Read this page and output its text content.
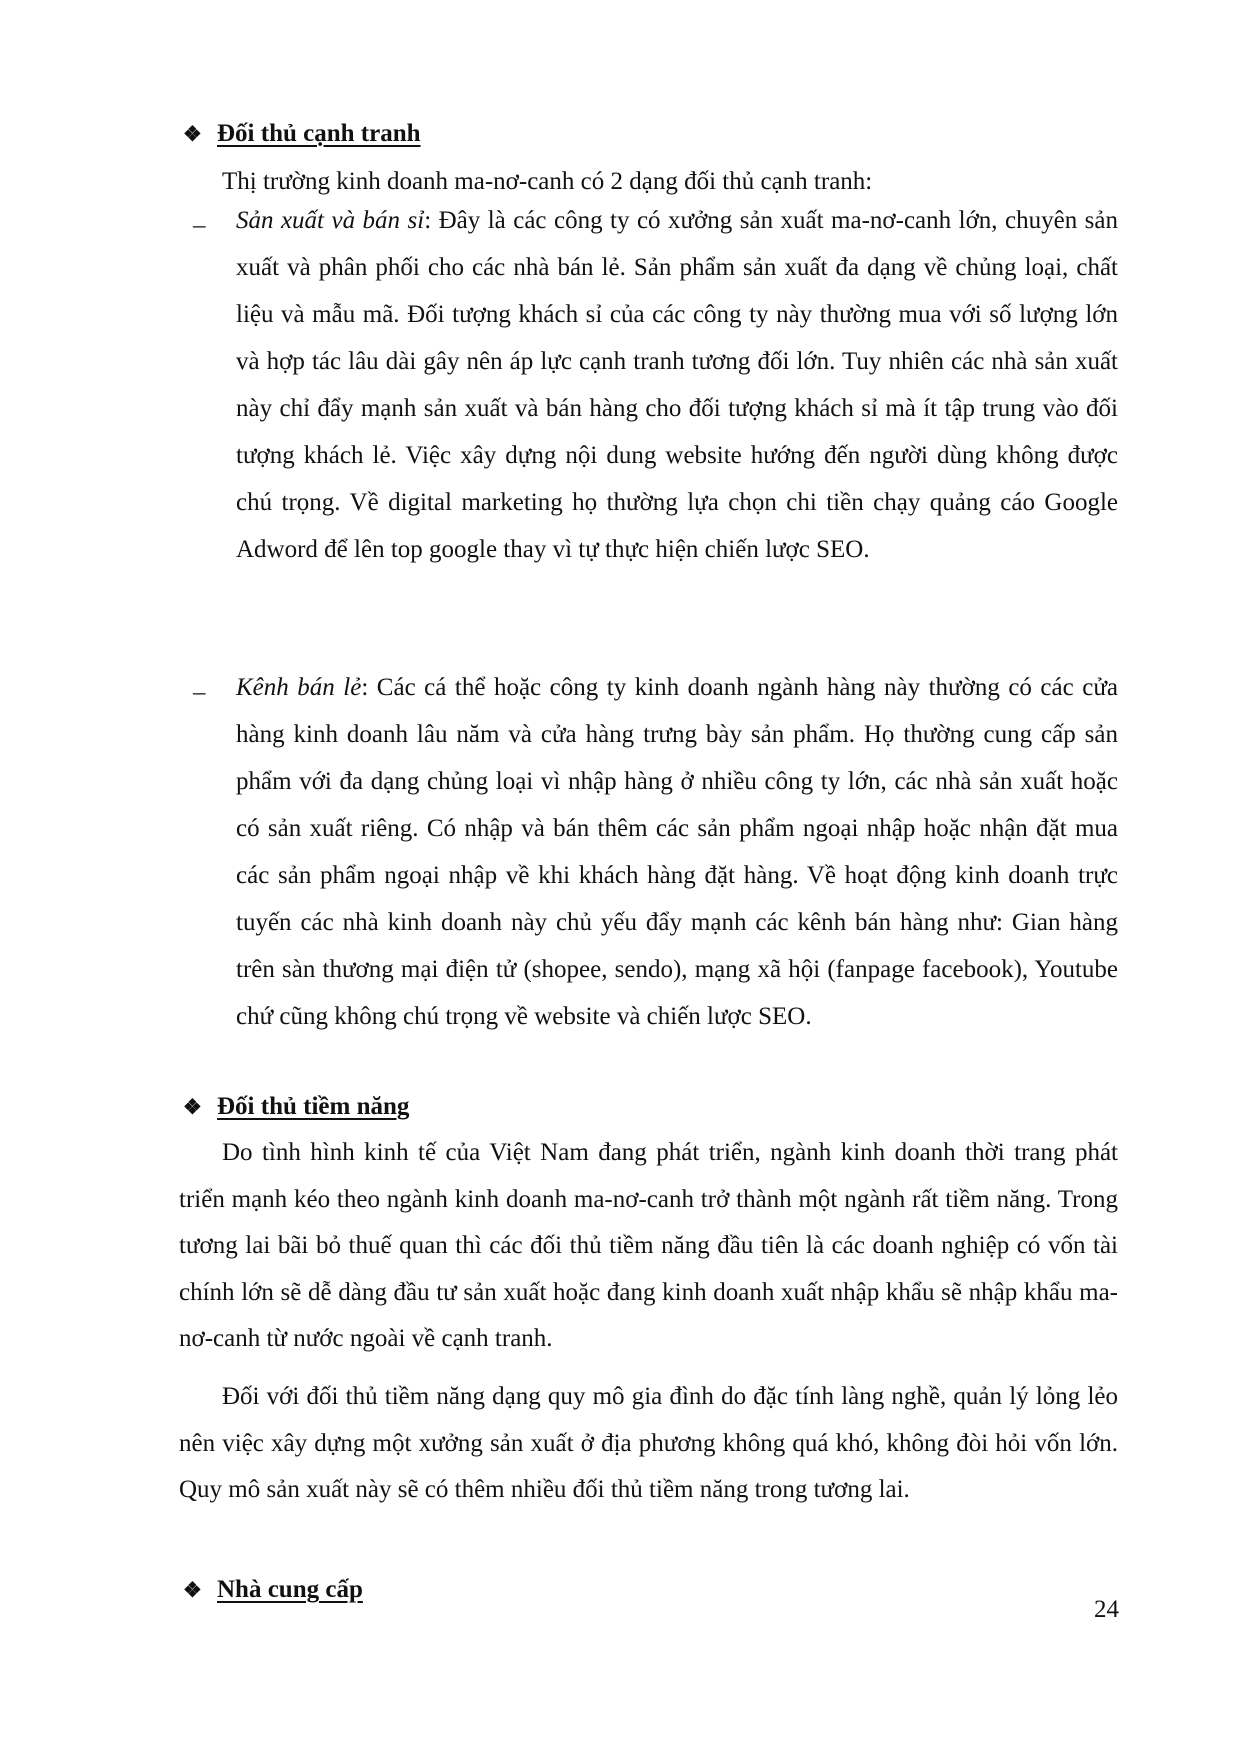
❖ Đối thủ cạnh tranh
Thị trường kinh doanh ma-nơ-canh có 2 dạng đối thủ cạnh tranh:
– Sản xuất và bán sỉ: Đây là các công ty có xưởng sản xuất ma-nơ-canh lớn, chuyên sản xuất và phân phối cho các nhà bán lẻ. Sản phẩm sản xuất đa dạng về chủng loại, chất liệu và mẫu mã. Đối tượng khách sỉ của các công ty này thường mua với số lượng lớn và hợp tác lâu dài gây nên áp lực cạnh tranh tương đối lớn. Tuy nhiên các nhà sản xuất này chỉ đẩy mạnh sản xuất và bán hàng cho đối tượng khách sỉ mà ít tập trung vào đối tượng khách lẻ. Việc xây dựng nội dung website hướng đến người dùng không được chú trọng. Về digital marketing họ thường lựa chọn chi tiền chạy quảng cáo Google Adword để lên top google thay vì tự thực hiện chiến lược SEO.

– Kênh bán lẻ: Các cá thể hoặc công ty kinh doanh ngành hàng này thường có các cửa hàng kinh doanh lâu năm và cửa hàng trưng bày sản phẩm. Họ thường cung cấp sản phẩm với đa dạng chủng loại vì nhập hàng ở nhiều công ty lớn, các nhà sản xuất hoặc có sản xuất riêng. Có nhập và bán thêm các sản phẩm ngoại nhập hoặc nhận đặt mua các sản phẩm ngoại nhập về khi khách hàng đặt hàng. Về hoạt động kinh doanh trực tuyến các nhà kinh doanh này chủ yếu đẩy mạnh các kênh bán hàng như: Gian hàng trên sàn thương mại điện tử (shopee, sendo), mạng xã hội (fanpage facebook), Youtube chứ cũng không chú trọng về website và chiến lược SEO.

❖ Đối thủ tiềm năng

Do tình hình kinh tế của Việt Nam đang phát triển, ngành kinh doanh thời trang phát triển mạnh kéo theo ngành kinh doanh ma-nơ-canh trở thành một ngành rất tiềm năng. Trong tương lai bãi bỏ thuế quan thì các đối thủ tiềm năng đầu tiên là các doanh nghiệp có vốn tài chính lớn sẽ dễ dàng đầu tư sản xuất hoặc đang kinh doanh xuất nhập khẩu sẽ nhập khẩu ma-nơ-canh từ nước ngoài về cạnh tranh.

Đối với đối thủ tiềm năng dạng quy mô gia đình do đặc tính làng nghề, quản lý lỏng lẻo nên việc xây dựng một xưởng sản xuất ở địa phương không quá khó, không đòi hỏi vốn lớn. Quy mô sản xuất này sẽ có thêm nhiều đối thủ tiềm năng trong tương lai.

❖ Nhà cung cấp
24
